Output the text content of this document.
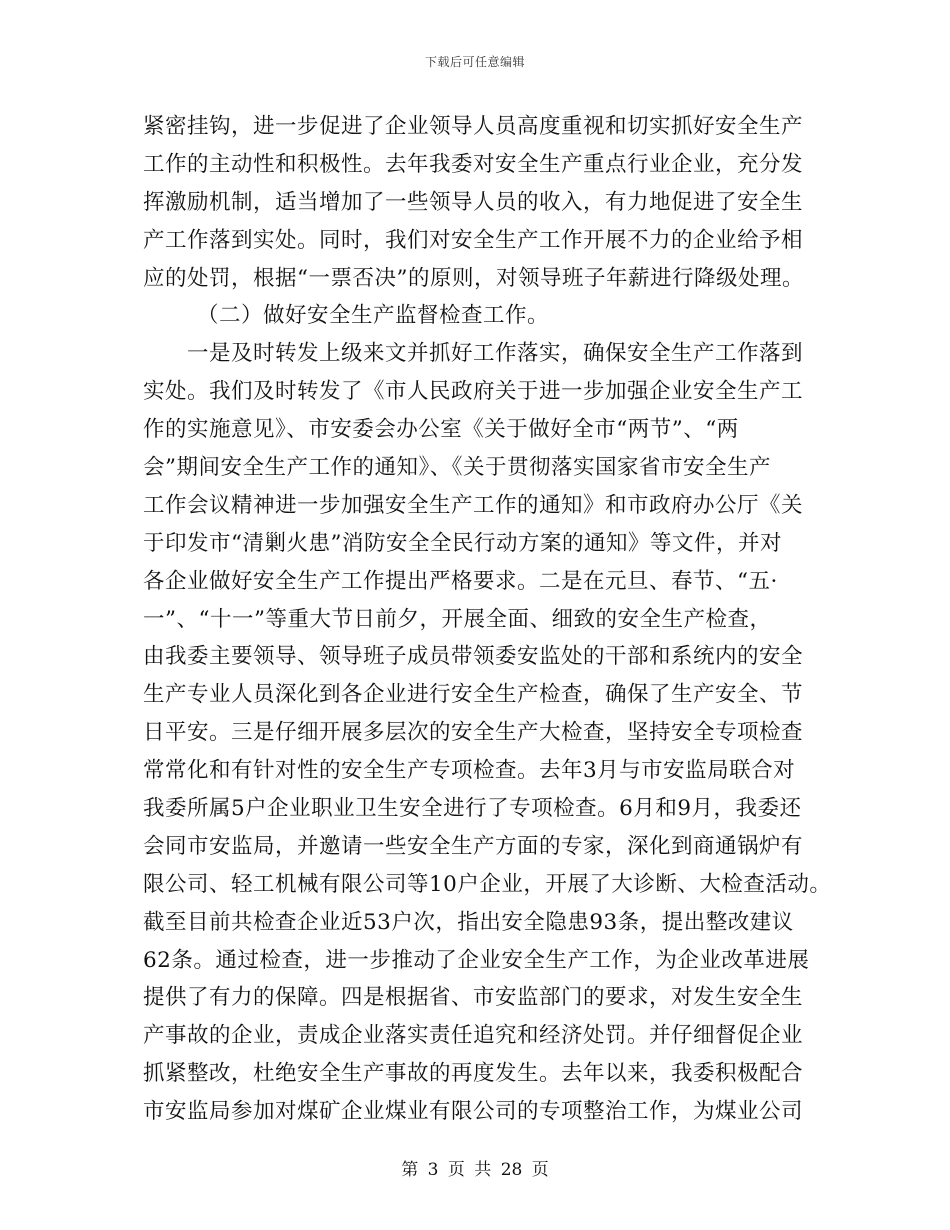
下载后可任意编辑
紧密挂钩，进一步促进了企业领导人员高度重视和切实抓好安全生产
工作的主动性和积极性。去年我委对安全生产重点行业企业，充分发
挥激励机制，适当增加了一些领导人员的收入，有力地促进了安全生
产工作落到实处。同时，我们对安全生产工作开展不力的企业给予相
应的处罚，根据“一票否决”的原则，对领导班子年薪进行降级处理。
（二）做好安全生产监督检查工作。
一是及时转发上级来文并抓好工作落实，确保安全生产工作落到
实处。我们及时转发了《市人民政府关于进一步加强企业安全生产工
作的实施意见》、市安委会办公室《关于做好全市“两节”、“两
会”期间安全生产工作的通知》、《关于贯彻落实国家省市安全生产
工作会议精神进一步加强安全生产工作的通知》和市政府办公厅《关
于印发市“清剿火患”消防安全全民行动方案的通知》等文件，并对
各企业做好安全生产工作提出严格要求。二是在元旦、春节、“五·
一”、“十一”等重大节日前夕，开展全面、细致的安全生产检查，
由我委主要领导、领导班子成员带领委安监处的干部和系统内的安全
生产专业人员深化到各企业进行安全生产检查，确保了生产安全、节
日平安。三是仔细开展多层次的安全生产大检查，坚持安全专项检查
常常化和有针对性的安全生产专项检查。去年3月与市安监局联合对
我委所属5户企业职业卫生安全进行了专项检查。6月和9月，我委还
会同市安监局，并邀请一些安全生产方面的专家，深化到商通锅炉有
限公司、轻工机械有限公司等10户企业，开展了大诊断、大检查活动。
截至目前共检查企业近53户次，指出安全隐患93条，提出整改建议
62条。通过检查，进一步推动了企业安全生产工作，为企业改革进展
提供了有力的保障。四是根据省、市安监部门的要求，对发生安全生
产事故的企业，责成企业落实责任追究和经济处罚。并仔细督促企业
抓紧整改，杜绝安全生产事故的再度发生。去年以来，我委积极配合
市安监局参加对煤矿企业煤业有限公司的专项整治工作，为煤业公司
第 3 页 共 28 页
